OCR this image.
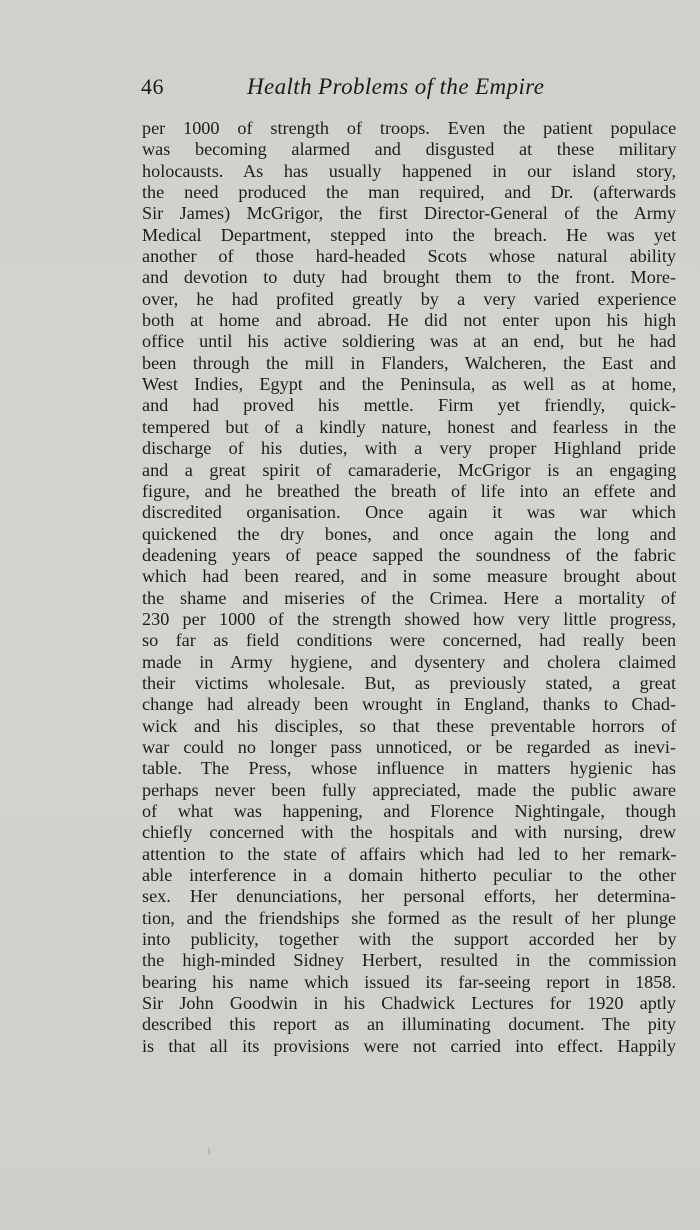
46	Health Problems of the Empire
per 1000 of strength of troops. Even the patient populace
was becoming alarmed and disgusted at these military
holocausts. As has usually happened in our island story,
the need produced the man required, and Dr. (afterwards
Sir James) McGrigor, the first Director-General of the Army
Medical Department, stepped into the breach. He was yet
another of those hard-headed Scots whose natural ability
and devotion to duty had brought them to the front. More-
over, he had profited greatly by a very varied experience
both at home and abroad. He did not enter upon his high
office until his active soldiering was at an end, but he had
been through the mill in Flanders, Walcheren, the East and
West Indies, Egypt and the Peninsula, as well as at home,
and had proved his mettle. Firm yet friendly, quick-
tempered but of a kindly nature, honest and fearless in the
discharge of his duties, with a very proper Highland pride
and a great spirit of camaraderie, McGrigor is an engaging
figure, and he breathed the breath of life into an effete and
discredited organisation. Once again it was war which
quickened the dry bones, and once again the long and
deadening years of peace sapped the soundness of the fabric
which had been reared, and in some measure brought about
the shame and miseries of the Crimea. Here a mortality of
230 per 1000 of the strength showed how very little progress,
so far as field conditions were concerned, had really been
made in Army hygiene, and dysentery and cholera claimed
their victims wholesale. But, as previously stated, a great
change had already been wrought in England, thanks to Chad-
wick and his disciples, so that these preventable horrors of
war could no longer pass unnoticed, or be regarded as inevi-
table. The Press, whose influence in matters hygienic has
perhaps never been fully appreciated, made the public aware
of what was happening, and Florence Nightingale, though
chiefly concerned with the hospitals and with nursing, drew
attention to the state of affairs which had led to her remark-
able interference in a domain hitherto peculiar to the other
sex. Her denunciations, her personal efforts, her determina-
tion, and the friendships she formed as the result of her plunge
into publicity, together with the support accorded her by
the high-minded Sidney Herbert, resulted in the commission
bearing his name which issued its far-seeing report in 1858.
Sir John Goodwin in his Chadwick Lectures for 1920 aptly
described this report as an illuminating document. The pity
is that all its provisions were not carried into effect. Happily
